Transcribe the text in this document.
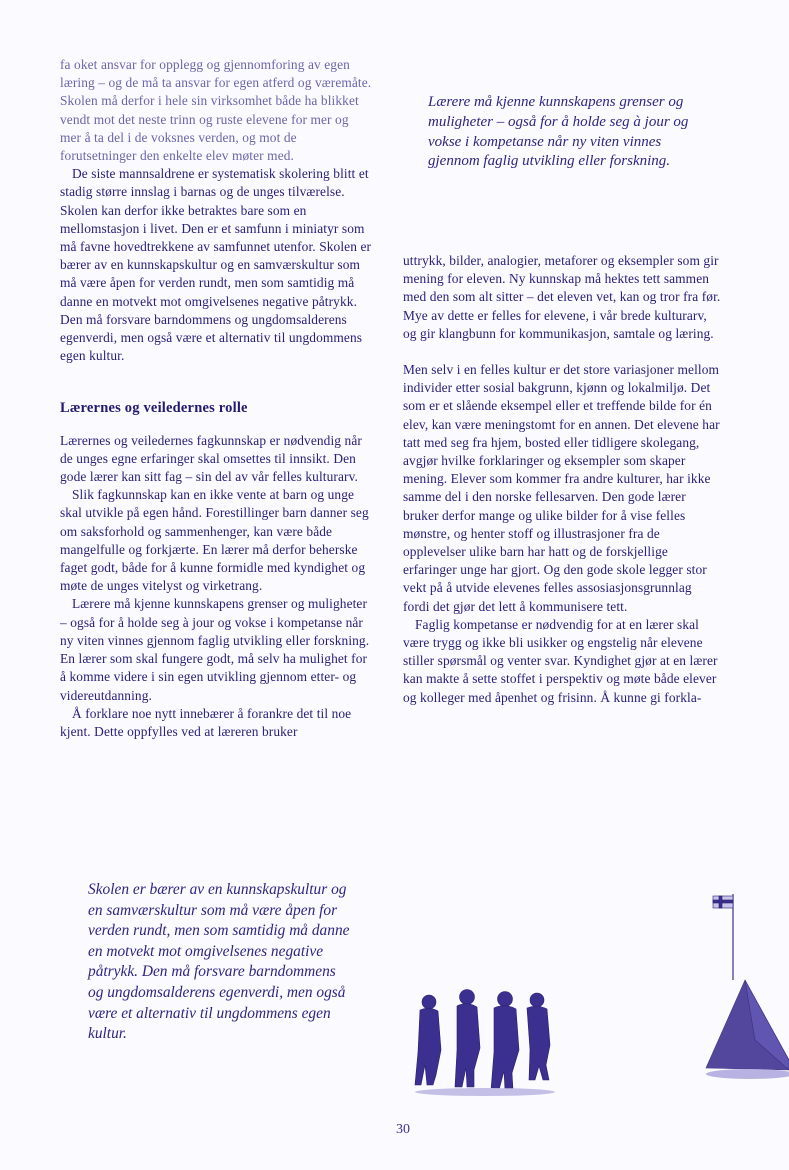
fa oket ansvar for opplegg og gjennomforing av egen læring – og de må ta ansvar for egen atferd og væremåte. Skolen må derfor i hele sin virksomhet både ha blikket vendt mot det neste trinn og ruste elevene for mer og mer å ta del i de voksnes verden, og mot de forutsetninger den enkelte elev møter med.

De siste mannsaldrene er systematisk skolering blitt et stadig større innslag i barnas og de unges tilværelse. Skolen kan derfor ikke betraktes bare som en mellomstasjon i livet. Den er et samfunn i miniatyr som må favne hovedtrekkene av samfunnet utenfor. Skolen er bærer av en kunnskapskultur og en samværskultur som må være åpen for verden rundt, men som samtidig må danne en motvekt mot omgivelsenes negative påtrykk. Den må forsvare barndommens og ungdomsalderens egenverdi, men også være et alternativ til ungdommens egen kultur.

Lærernes og veiledernes rolle

Lærernes og veiledernes fagkunnskap er nødvendig når de unges egne erfaringer skal omsettes til innsikt. Den gode lærer kan sitt fag – sin del av vår felles kulturarv.

Slik fagkunnskap kan en ikke vente at barn og unge skal utvikle på egen hånd. Forestillinger barn danner seg om saksforhold og sammenhenger, kan være både mangelfulle og forkjærte. En lærer må derfor beherske faget godt, både for å kunne formidle med kyndighet og møte de unges vitelyst og virketrang.

Lærere må kjenne kunnskapens grenser og muligheter – også for å holde seg à jour og vokse i kompetanse når ny viten vinnes gjennom faglig utvikling eller forskning. En lærer som skal fungere godt, må selv ha mulighet for å komme videre i sin egen utvikling gjennom etter- og videreutdanning.

Å forklare noe nytt innebærer å forankre det til noe kjent. Dette oppfylles ved at læreren bruker

Lærere må kjenne kunnskapens grenser og muligheter – også for å holde seg à jour og vokse i kompetanse når ny viten vinnes gjennom faglig utvikling eller forskning.

uttrykk, bilder, analogier, metaforer og eksempler som gir mening for eleven. Ny kunnskap må hektes tett sammen med den som alt sitter – det eleven vet, kan og tror fra før. Mye av dette er felles for elevene, i vår brede kulturarv, og gir klangbunn for kommunikasjon, samtale og læring.

Men selv i en felles kultur er det store variasjoner mellom individer etter sosial bakgrunn, kjønn og lokalmiljø. Det som er et slående eksempel eller et treffende bilde for én elev, kan være meningstomt for en annen. Det elevene har tatt med seg fra hjem, bosted eller tidligere skolegang, avgjør hvilke forklaringer og eksempler som skaper mening. Elever som kommer fra andre kulturer, har ikke samme del i den norske fellesarven. Den gode lærer bruker derfor mange og ulike bilder for å vise felles mønstre, og henter stoff og illustrasjoner fra de opplevelser ulike barn har hatt og de forskjellige erfaringer unge har gjort. Og den gode skole legger stor vekt på å utvide elevenes felles assosiasjonsgrunnlag fordi det gjør det lett å kommunisere tett.

Faglig kompetanse er nødvendig for at en lærer skal være trygg og ikke bli usikker og engstelig når elevene stiller spørsmål og venter svar. Kyndighet gjør at en lærer kan makte å sette stoffet i perspektiv og møte både elever og kolleger med åpenhet og frisinn. Å kunne gi forkla-

Skolen er bærer av en kunnskapskultur og en samværskultur som må være åpen for verden rundt, men som samtidig må danne en motvekt mot omgivelsenes negative påtrykk. Den må forsvare barndommens og ungdomsalderens egenverdi, men også være et alternativ til ungdommens egen kultur.
30
